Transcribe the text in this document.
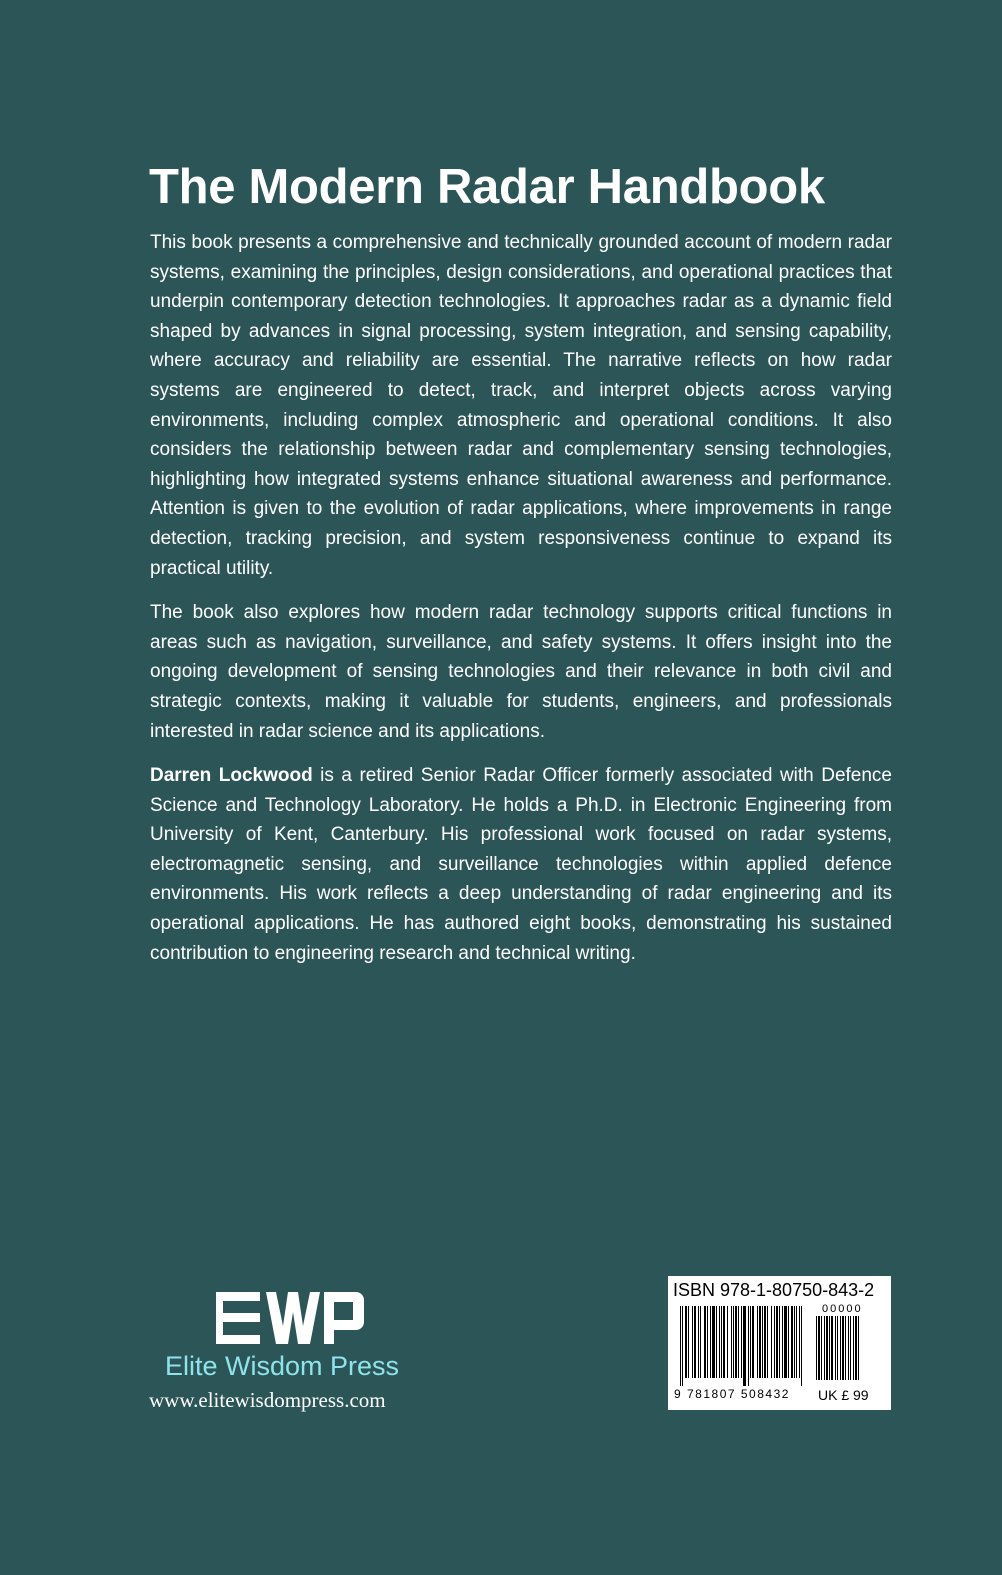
The Modern Radar Handbook

This book presents a comprehensive and technically grounded account of modern radar systems, examining the principles, design considerations, and operational practices that underpin contemporary detection technologies. It approaches radar as a dynamic field shaped by advances in signal processing, system integration, and sensing capability, where accuracy and reliability are essential. The narrative reflects on how radar systems are engineered to detect, track, and interpret objects across varying environments, including complex atmospheric and operational conditions. It also considers the relationship between radar and complementary sensing technologies, highlighting how integrated systems enhance situational awareness and performance. Attention is given to the evolution of radar applications, where improvements in range detection, tracking precision, and system responsiveness continue to expand its practical utility.

The book also explores how modern radar technology supports critical functions in areas such as navigation, surveillance, and safety systems. It offers insight into the ongoing development of sensing technologies and their relevance in both civil and strategic contexts, making it valuable for students, engineers, and professionals interested in radar science and its applications.

Darren Lockwood is a retired Senior Radar Officer formerly associated with Defence Science and Technology Laboratory. He holds a Ph.D. in Electronic Engineering from University of Kent, Canterbury. His professional work focused on radar systems, electromagnetic sensing, and surveillance technologies within applied defence environments. His work reflects a deep understanding of radar engineering and its operational applications. He has authored eight books, demonstrating his sustained contribution to engineering research and technical writing.

Elite Wisdom Press
www.elitewisdompress.com
ISBN 978-1-80750-843-2
9 781807 508432
00000
UK £ 99
